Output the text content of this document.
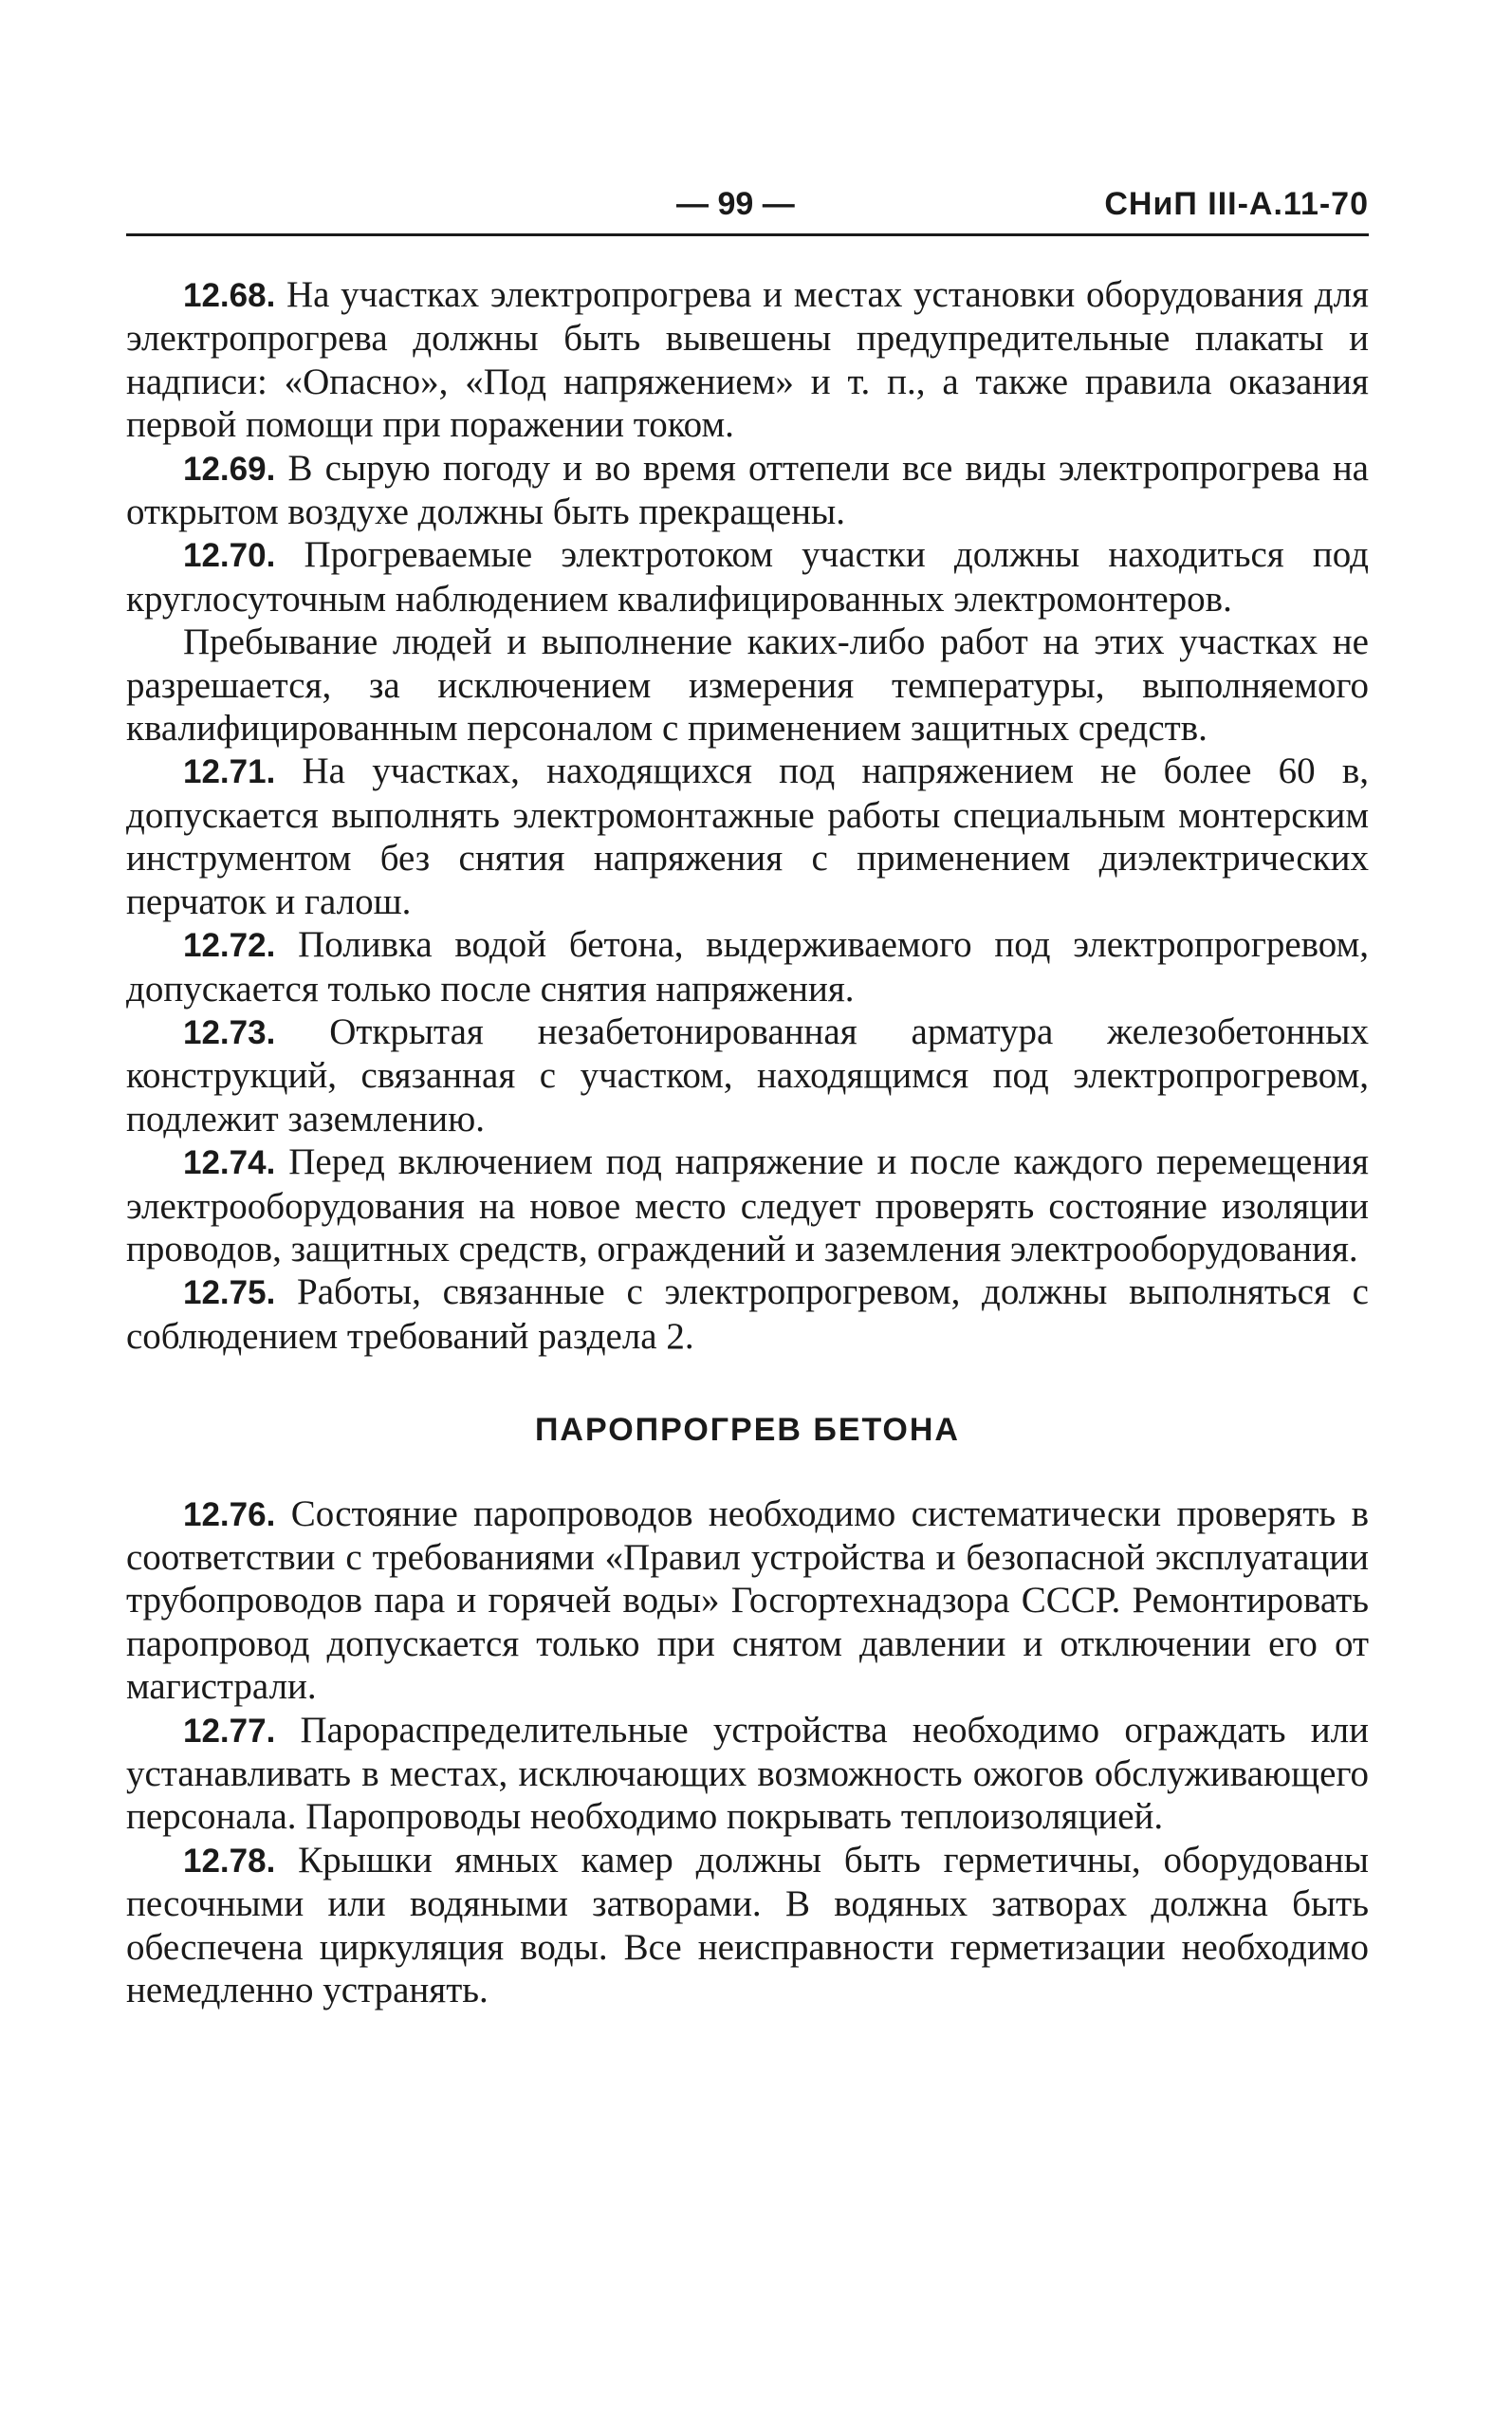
— 99 —	СНиП III-А.11-70

12.68. На участках электропрогрева и местах установки оборудования для электропрогрева должны быть вывешены предупредительные плакаты и надписи: «Опасно», «Под напряжением» и т. п., а также правила оказания первой помощи при поражении током.

12.69. В сырую погоду и во время оттепели все виды электропрогрева на открытом воздухе должны быть прекращены.

12.70. Прогреваемые электротоком участки должны находиться под круглосуточным наблюдением квалифицированных электромонтеров.

Пребывание людей и выполнение каких-либо работ на этих участках не разрешается, за исключением измерения температуры, выполняемого квалифицированным персоналом с применением защитных средств.

12.71. На участках, находящихся под напряжением не более 60 в, допускается выполнять электромонтажные работы специальным монтерским инструментом без снятия напряжения с применением диэлектрических перчаток и галош.

12.72. Поливка водой бетона, выдерживаемого под электропрогревом, допускается только после снятия напряжения.

12.73. Открытая незабетонированная арматура железобетонных конструкций, связанная с участком, находящимся под электропрогревом, подлежит заземлению.

12.74. Перед включением под напряжение и после каждого перемещения электрооборудования на новое место следует проверять состояние изоляции проводов, защитных средств, ограждений и заземления электрооборудования.

12.75. Работы, связанные с электропрогревом, должны выполняться с соблюдением требований раздела 2.

ПАРОПРОГРЕВ БЕТОНА

12.76. Состояние паропроводов необходимо систематически проверять в соответствии с требованиями «Правил устройства и безопасной эксплуатации трубопроводов пара и горячей воды» Госгортехнадзора СССР. Ремонтировать паропровод допускается только при снятом давлении и отключении его от магистрали.

12.77. Парораспределительные устройства необходимо ограждать или устанавливать в местах, исключающих возможность ожогов обслуживающего персонала. Паропроводы необходимо покрывать теплоизоляцией.

12.78. Крышки ямных камер должны быть герметичны, оборудованы песочными или водяными затворами. В водяных затворах должна быть обеспечена циркуляция воды. Все неисправности герметизации необходимо немедленно устранять.
